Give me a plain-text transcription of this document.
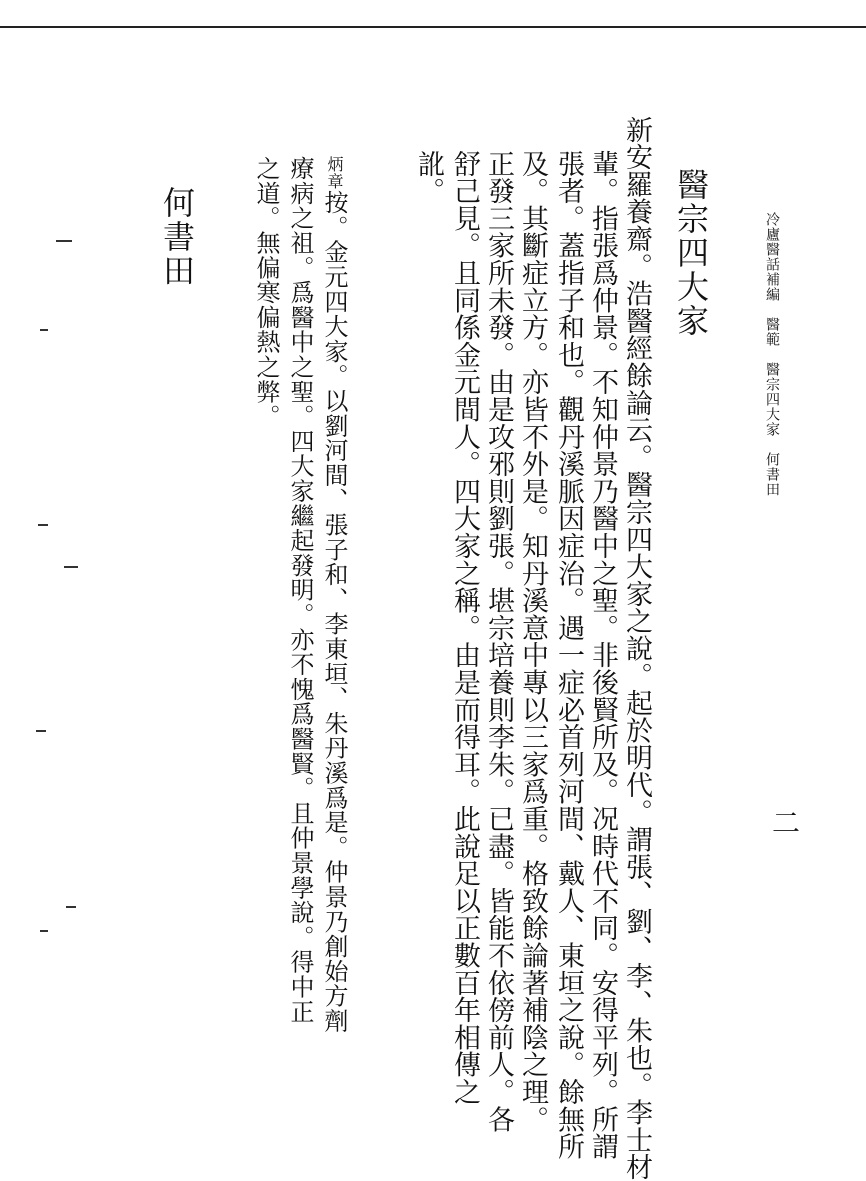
冷廬醫話補編　醫範　醫宗四大家　何書田
二
醫宗四大家
新安羅養齋。浩醫經餘論云。醫宗四大家之說。起於明代。謂張、劉、李、朱也。李士材
輩。指張爲仲景。不知仲景乃醫中之聖。非後賢所及。况時代不同。安得平列。所謂
張者。蓋指子和也。觀丹溪脈因症治。遇一症必首列河間、戴人、東垣之說。餘無所
及。其斷症立方。亦皆不外是。知丹溪意中專以三家爲重。格致餘論著補陰之理。
正發三家所未發。由是攻邪則劉張。堪宗培養則李朱。已盡。皆能不依傍前人。各
舒己見。且同係金元間人。四大家之稱。由是而得耳。此說足以正數百年相傳之
訛。
炳章按。金元四大家。以劉河間、張子和、李東垣、朱丹溪爲是。仲景乃創始方劑
療病之祖。爲醫中之聖。四大家繼起發明。亦不愧爲醫賢。且仲景學說。得中正
之道。無偏寒偏熱之弊。
何書田
